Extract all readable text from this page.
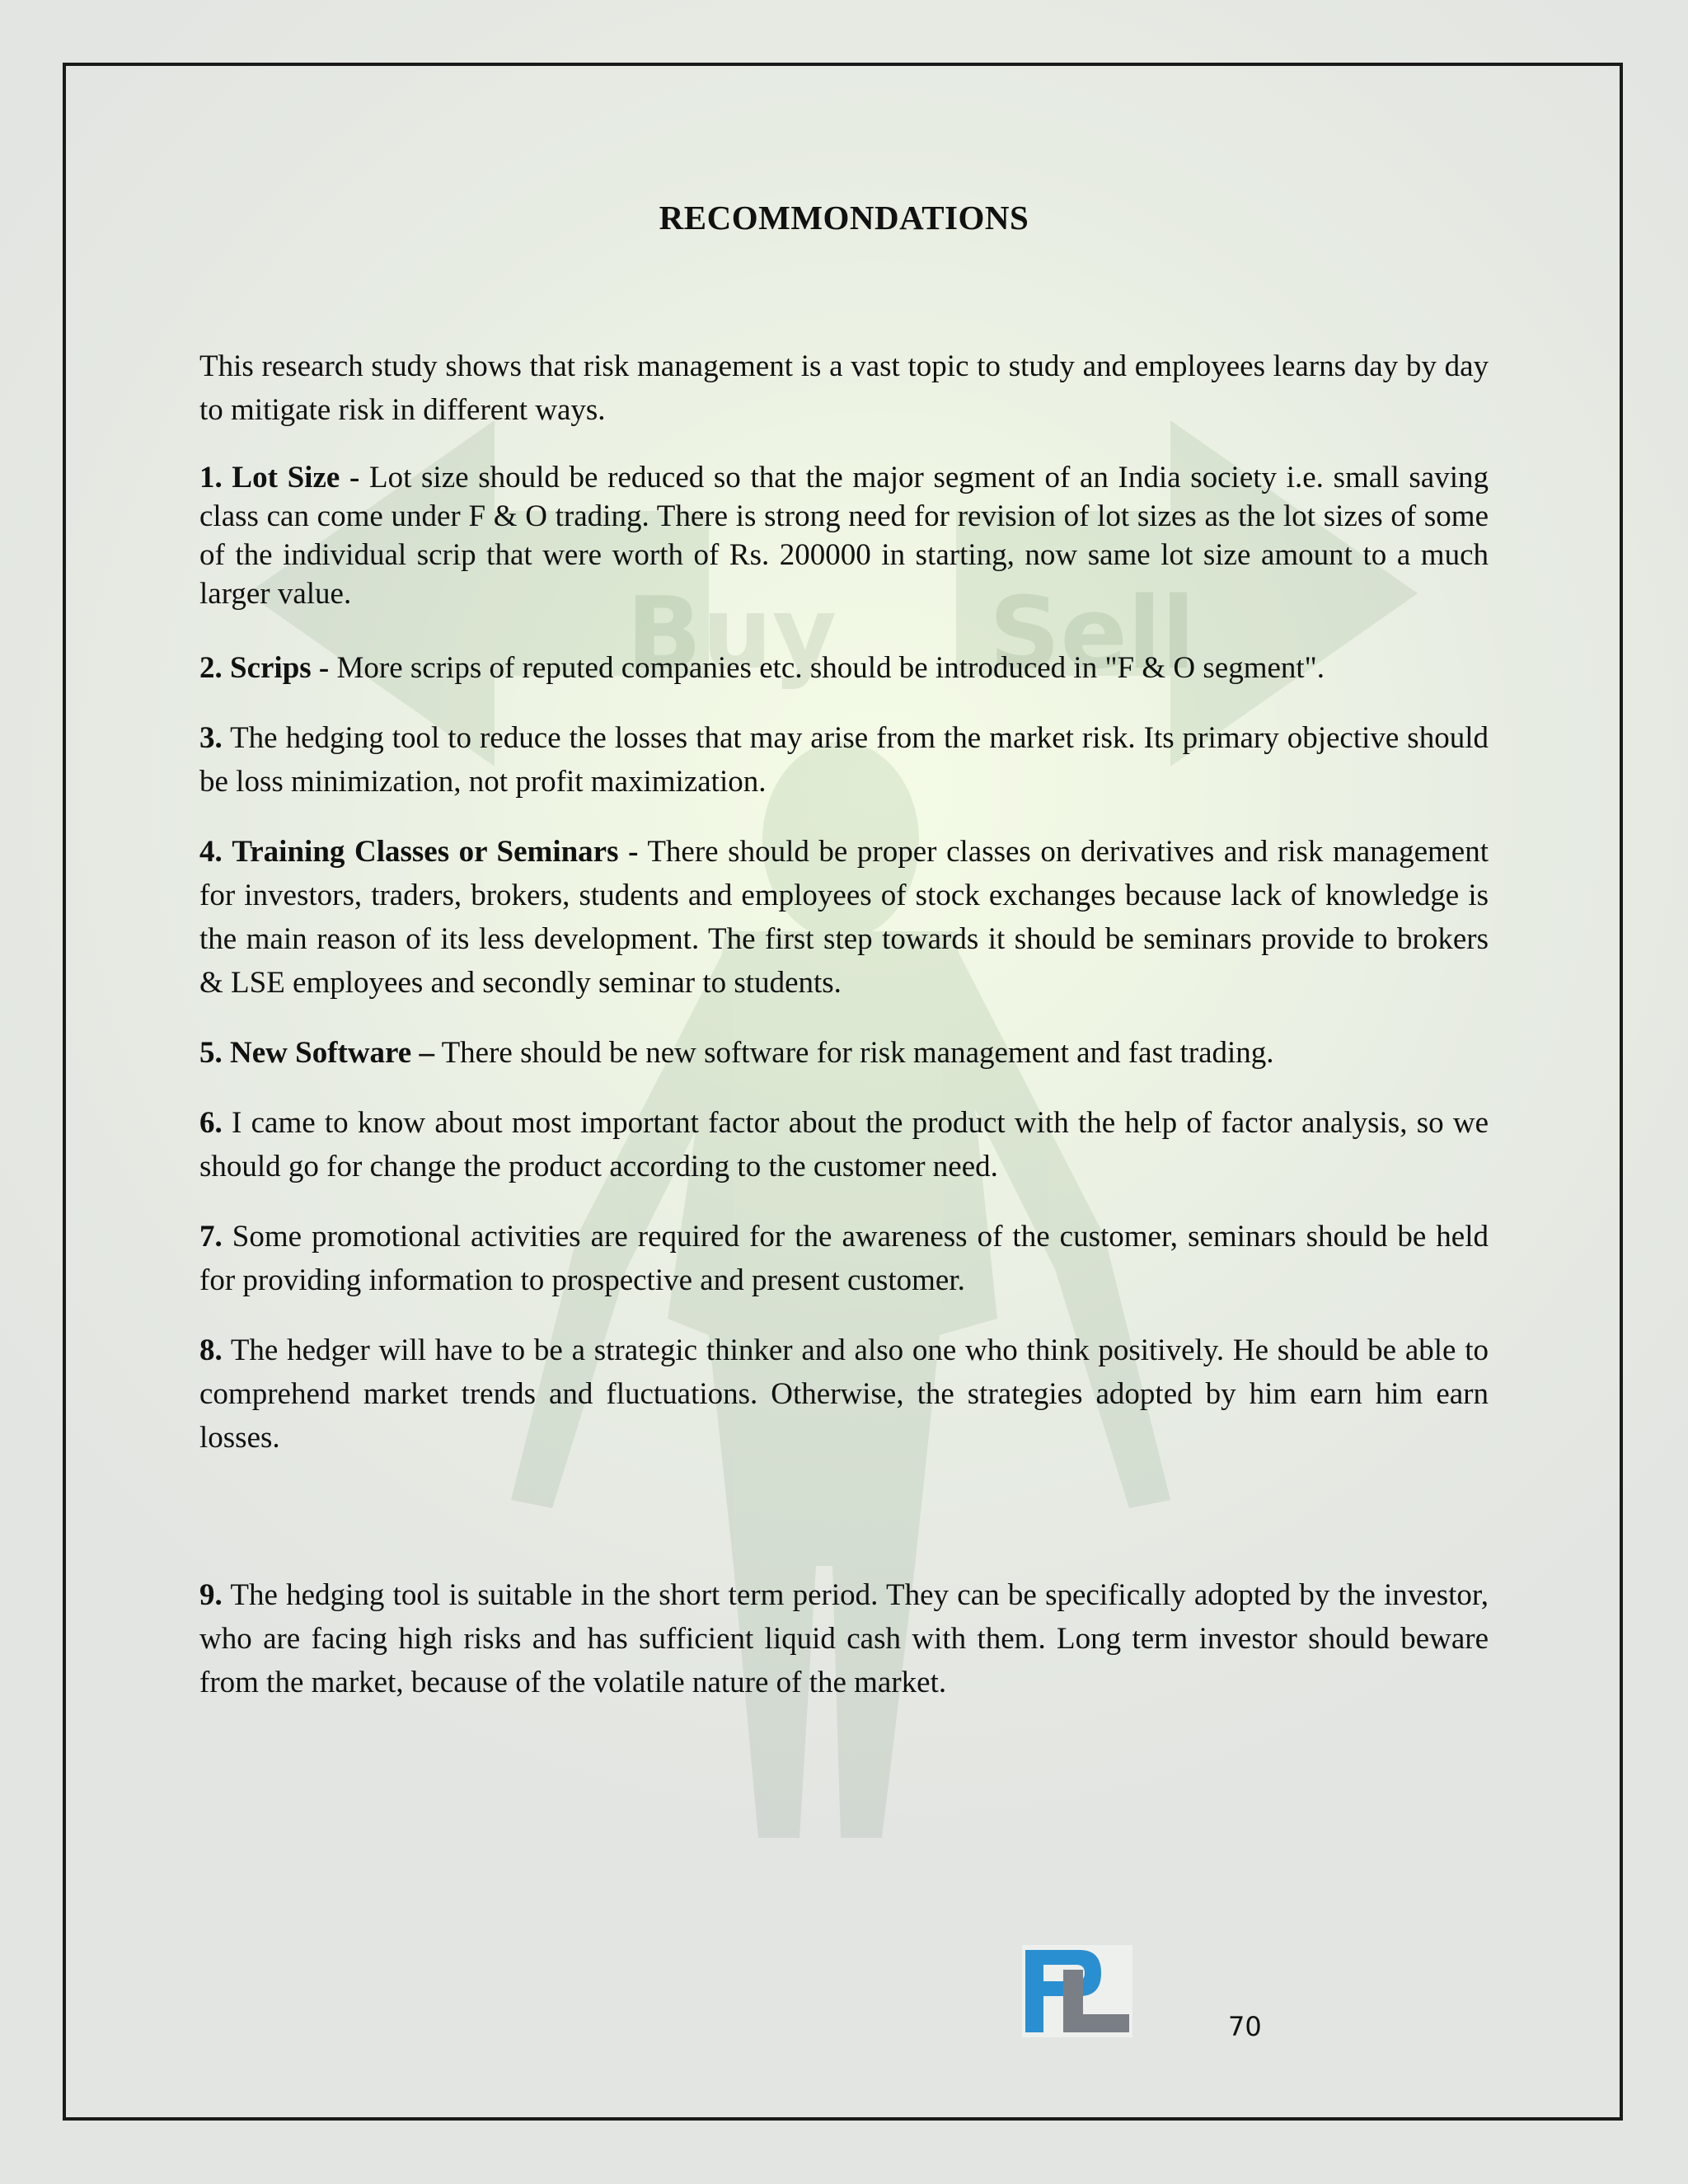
RECOMMONDATIONS

This research study shows that risk management is a vast topic to study and employees learns day by day to mitigate risk in different ways.

1. Lot Size - Lot size should be reduced so that the major segment of an India society i.e. small saving class can come under F & O trading. There is strong need for revision of lot sizes as the lot sizes of some of the individual scrip that were worth of Rs. 200000 in starting, now same lot size amount to a much larger value.

2. Scrips - More scrips of reputed companies etc. should be introduced in "F & O segment".

3. The hedging tool to reduce the losses that may arise from the market risk. Its primary objective should be loss minimization, not profit maximization.

4. Training Classes or Seminars - There should be proper classes on derivatives and risk management for investors, traders, brokers, students and employees of stock exchanges because lack of knowledge is the main reason of its less development. The first step towards it should be seminars provide to brokers & LSE employees and secondly seminar to students.

5. New Software – There should be new software for risk management and fast trading.

6. I came to know about most important factor about the product with the help of factor analysis, so we should go for change the product according to the customer need.

7. Some promotional activities are required for the awareness of the customer, seminars should be held for providing information to prospective and present customer.

8. The hedger will have to be a strategic thinker and also one who think positively. He should be able to comprehend market trends and fluctuations. Otherwise, the strategies adopted by him earn him earn losses.

9. The hedging tool is suitable in the short term period. They can be specifically adopted by the investor, who are facing high risks and has sufficient liquid cash with them. Long term investor should beware from the market, because of the volatile nature of the market.

70
